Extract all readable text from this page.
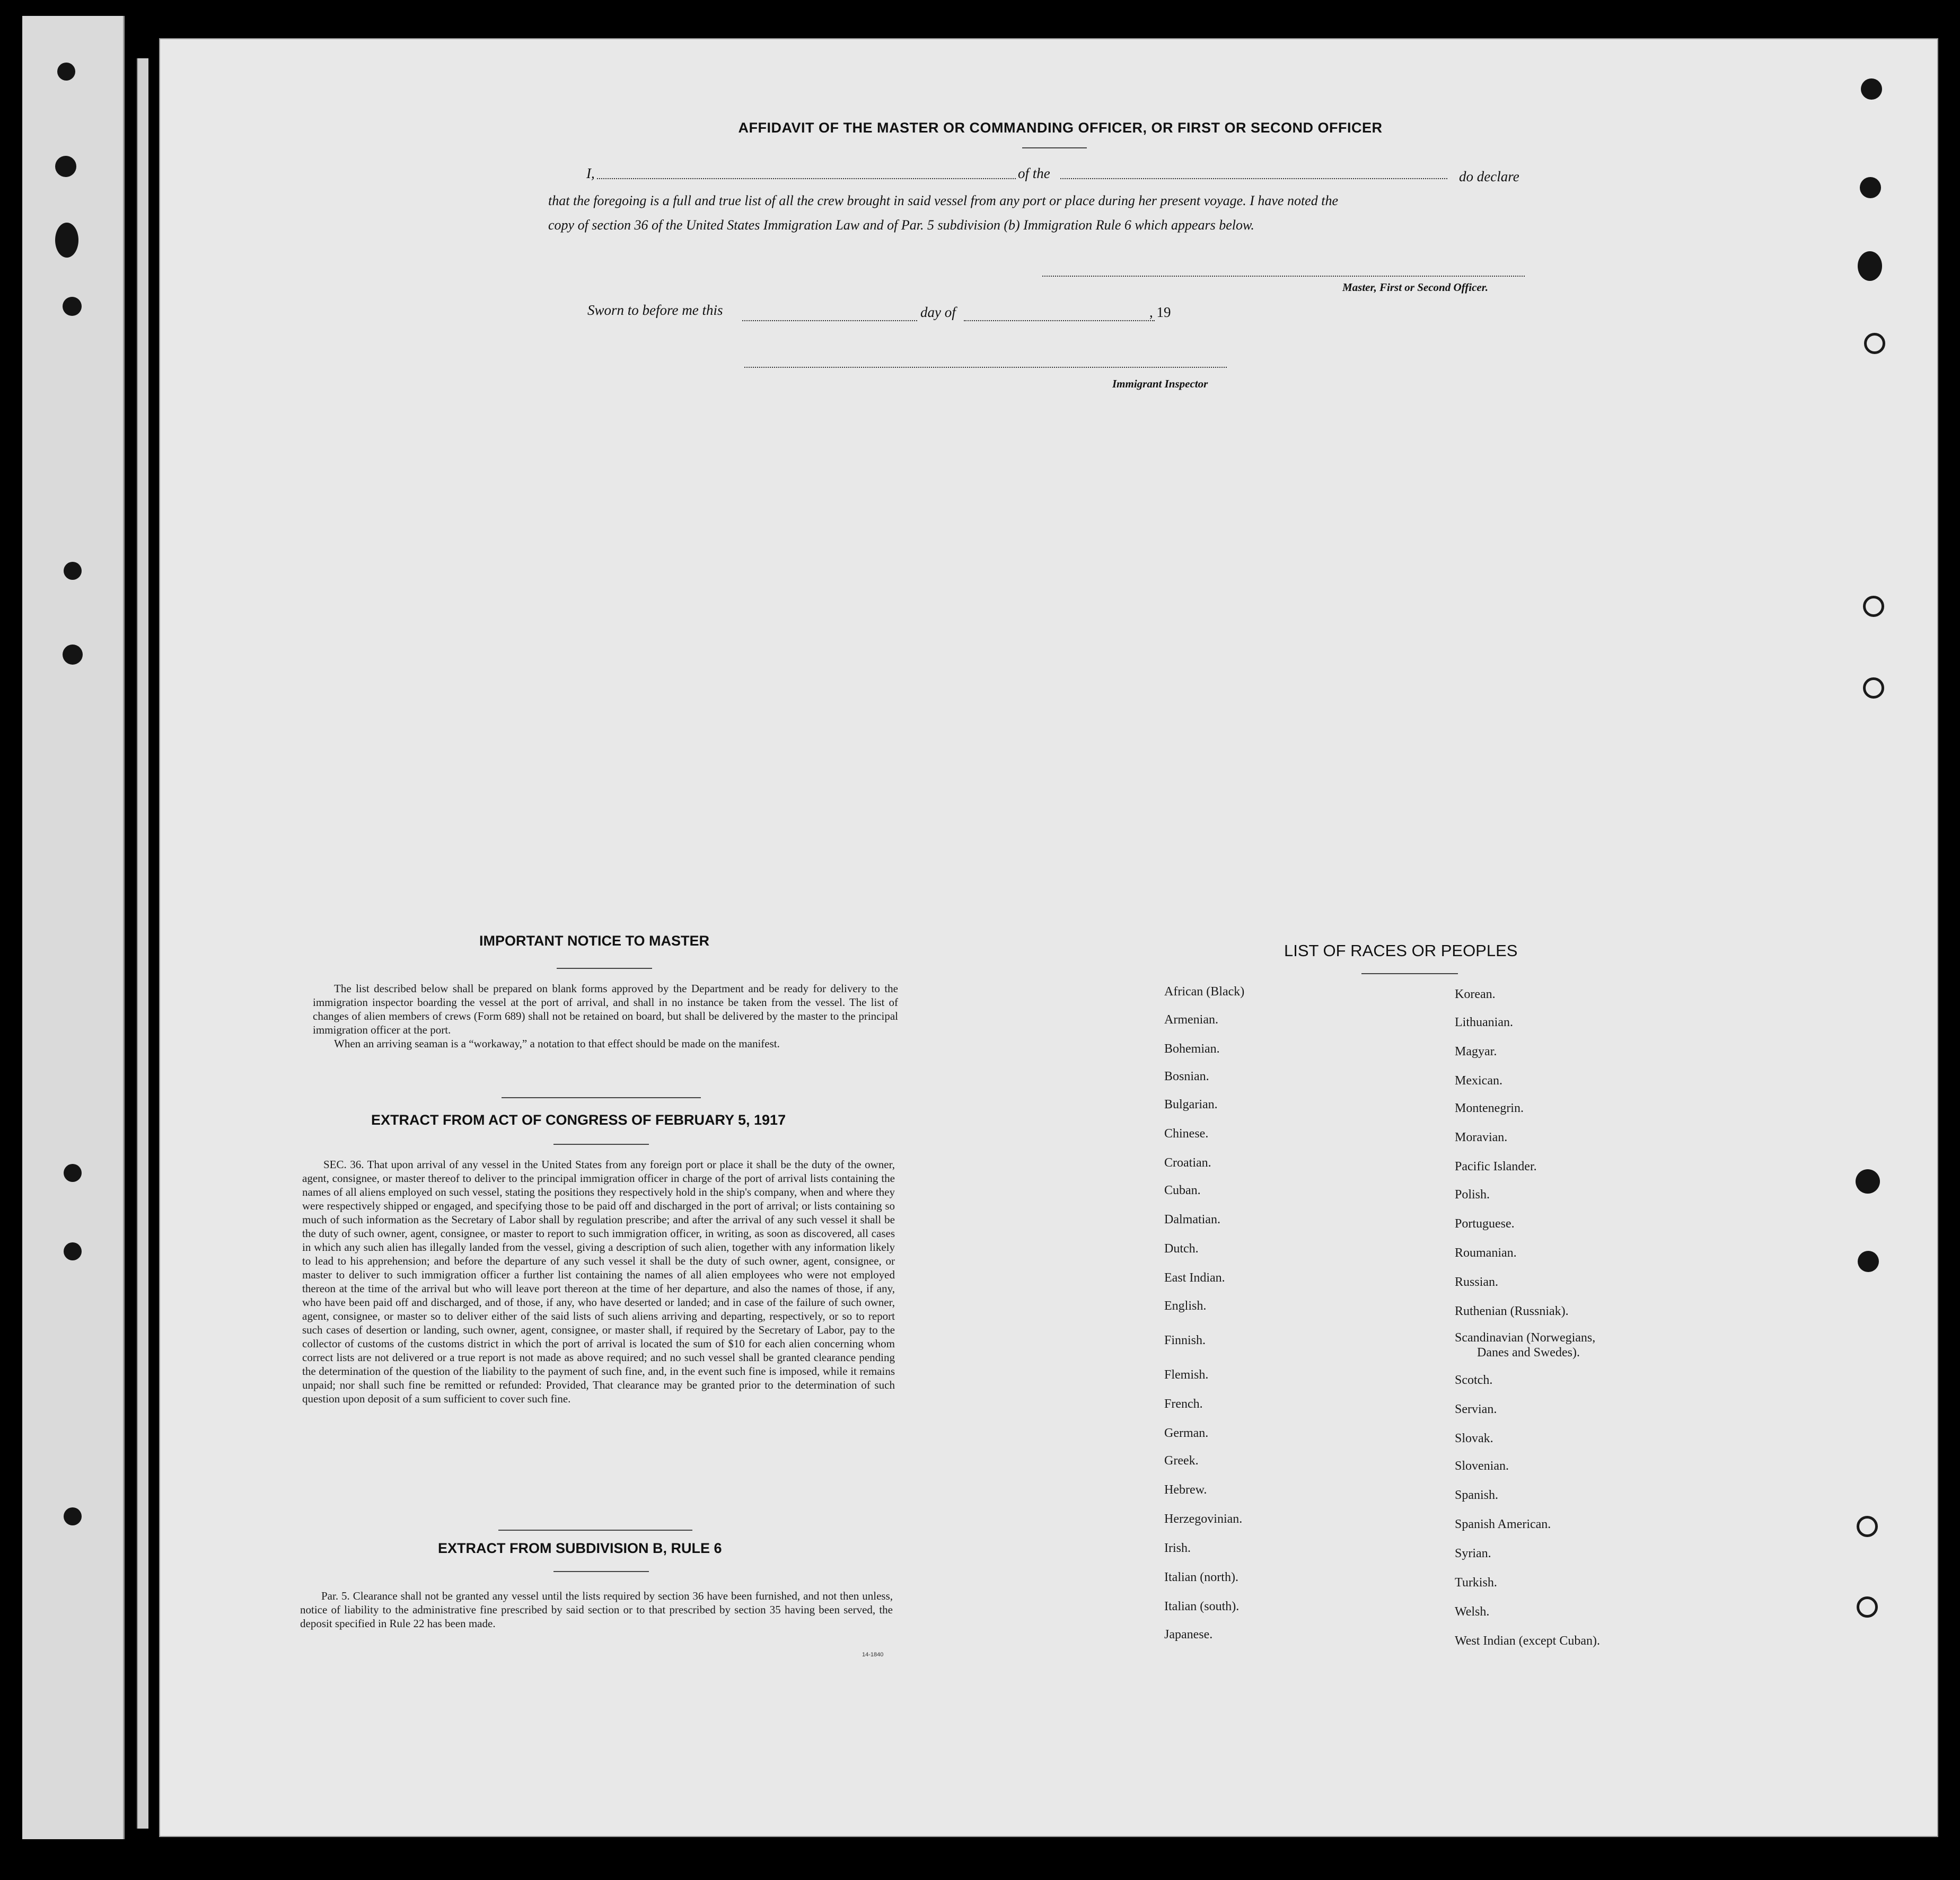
AFFIDAVIT OF THE MASTER OR COMMANDING OFFICER, OR FIRST OR SECOND OFFICER
I,	of the	do declare
that the foregoing is a full and true list of all the crew brought in said vessel from any port or place during her present voyage. I have noted the
copy of section 36 of the United States Immigration Law and of Par. 5 subdivision (b) Immigration Rule 6 which appears below.
Master, First or Second Officer.
Sworn to before me this	day of	, 19
Immigrant Inspector
IMPORTANT NOTICE TO MASTER

The list described below shall be prepared on blank forms approved by the Department and be ready for delivery to the immigration inspector boarding the vessel at the port of arrival, and shall in no instance be taken from the vessel. The list of changes of alien members of crews (Form 689) shall not be retained on board, but shall be delivered by the master to the principal immigration officer at the port.

When an arriving seaman is a “workaway,” a notation to that effect should be made on the manifest.

EXTRACT FROM ACT OF CONGRESS OF FEBRUARY 5, 1917

SEC. 36. That upon arrival of any vessel in the United States from any foreign port or place it shall be the duty of the owner, agent, consignee, or master thereof to deliver to the principal immigration officer in charge of the port of arrival lists containing the names of all aliens employed on such vessel, stating the positions they respectively hold in the ship's company, when and where they were respectively shipped or engaged, and specifying those to be paid off and discharged in the port of arrival; or lists containing so much of such information as the Secretary of Labor shall by regulation prescribe; and after the arrival of any such vessel it shall be the duty of such owner, agent, consignee, or master to report to such immigration officer, in writing, as soon as discovered, all cases in which any such alien has illegally landed from the vessel, giving a description of such alien, together with any information likely to lead to his apprehension; and before the departure of any such vessel it shall be the duty of such owner, agent, consignee, or master to deliver to such immigration officer a further list containing the names of all alien employees who were not employed thereon at the time of the arrival but who will leave port thereon at the time of her departure, and also the names of those, if any, who have been paid off and discharged, and of those, if any, who have deserted or landed; and in case of the failure of such owner, agent, consignee, or master so to deliver either of the said lists of such aliens arriving and departing, respectively, or so to report such cases of desertion or landing, such owner, agent, consignee, or master shall, if required by the Secretary of Labor, pay to the collector of customs of the customs district in which the port of arrival is located the sum of $10 for each alien concerning whom correct lists are not delivered or a true report is not made as above required; and no such vessel shall be granted clearance pending the determination of the question of the liability to the payment of such fine, and, in the event such fine is imposed, while it remains unpaid; nor shall such fine be remitted or refunded: Provided, That clearance may be granted prior to the determination of such question upon deposit of a sum sufficient to cover such fine.

EXTRACT FROM SUBDIVISION B, RULE 6

Par. 5. Clearance shall not be granted any vessel until the lists required by section 36 have been furnished, and not then unless, notice of liability to the administrative fine prescribed by said section or to that prescribed by section 35 having been served, the deposit specified in Rule 22 has been made.

14-1840
LIST OF RACES OR PEOPLES
African (Black)
Armenian.
Bohemian.
Bosnian.
Bulgarian.
Chinese.
Croatian.
Cuban.
Dalmatian.
Dutch.
East Indian.
English.
Finnish.
Flemish.
French.
German.
Greek.
Hebrew.
Herzegovinian.
Irish.
Italian (north).
Italian (south).
Japanese.
Korean.
Lithuanian.
Magyar.
Mexican.
Montenegrin.
Moravian.
Pacific Islander.
Polish.
Portuguese.
Roumanian.
Russian.
Ruthenian (Russniak).
Scandinavian (Norwegians,
Danes and Swedes).
Scotch.
Servian.
Slovak.
Slovenian.
Spanish.
Spanish American.
Syrian.
Turkish.
Welsh.
West Indian (except Cuban).
